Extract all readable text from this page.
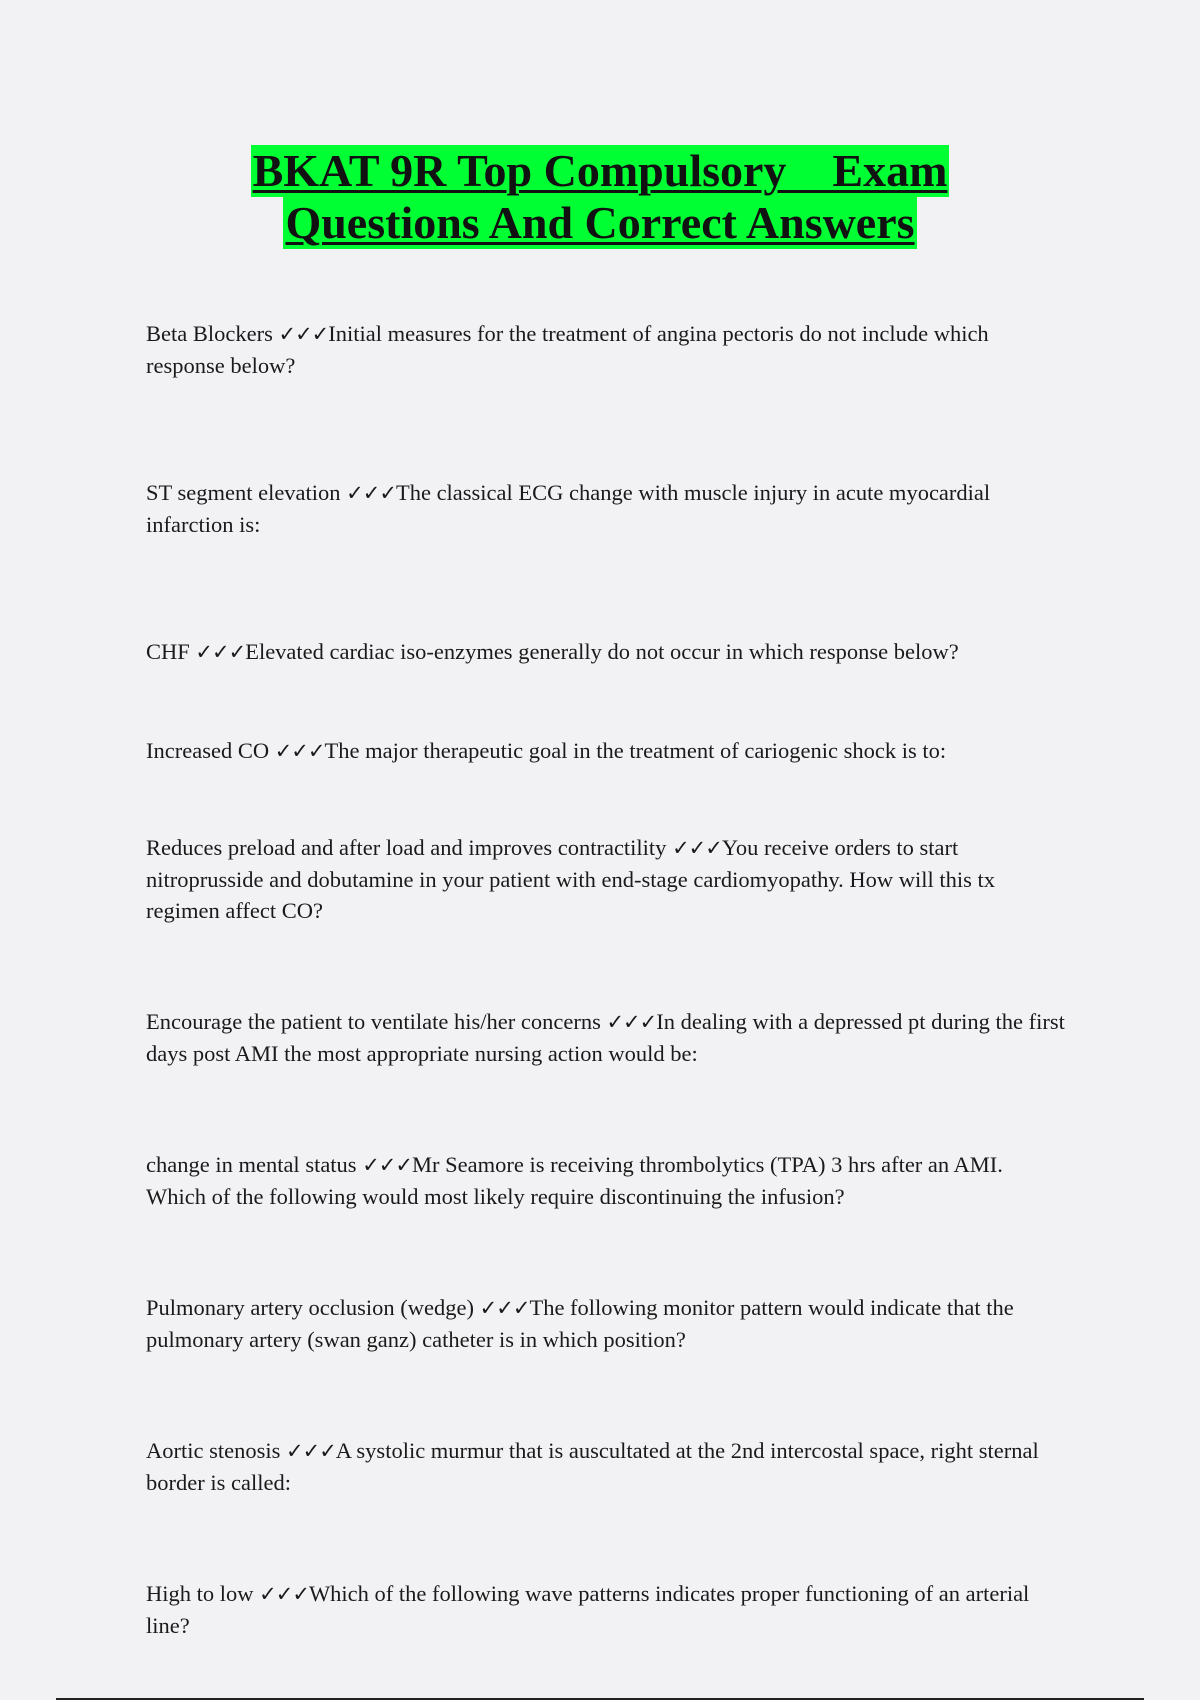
BKAT 9R Top Compulsory    Exam
Questions And Correct Answers

Beta Blockers ✓✓✓Initial measures for the treatment of angina pectoris do not include which response below?

ST segment elevation ✓✓✓The classical ECG change with muscle injury in acute myocardial infarction is:

CHF ✓✓✓Elevated cardiac iso-enzymes generally do not occur in which response below?

Increased CO ✓✓✓The major therapeutic goal in the treatment of cariogenic shock is to:

Reduces preload and after load and improves contractility ✓✓✓You receive orders to start nitroprusside and dobutamine in your patient with end-stage cardiomyopathy. How will this tx regimen affect CO?

Encourage the patient to ventilate his/her concerns ✓✓✓In dealing with a depressed pt during the first days post AMI the most appropriate nursing action would be:

change in mental status ✓✓✓Mr Seamore is receiving thrombolytics (TPA) 3 hrs after an AMI. Which of the following would most likely require discontinuing the infusion?

Pulmonary artery occlusion (wedge) ✓✓✓The following monitor pattern would indicate that the pulmonary artery (swan ganz) catheter is in which position?

Aortic stenosis ✓✓✓A systolic murmur that is auscultated at the 2nd intercostal space, right sternal border is called:

High to low ✓✓✓Which of the following wave patterns indicates proper functioning of an arterial line?
